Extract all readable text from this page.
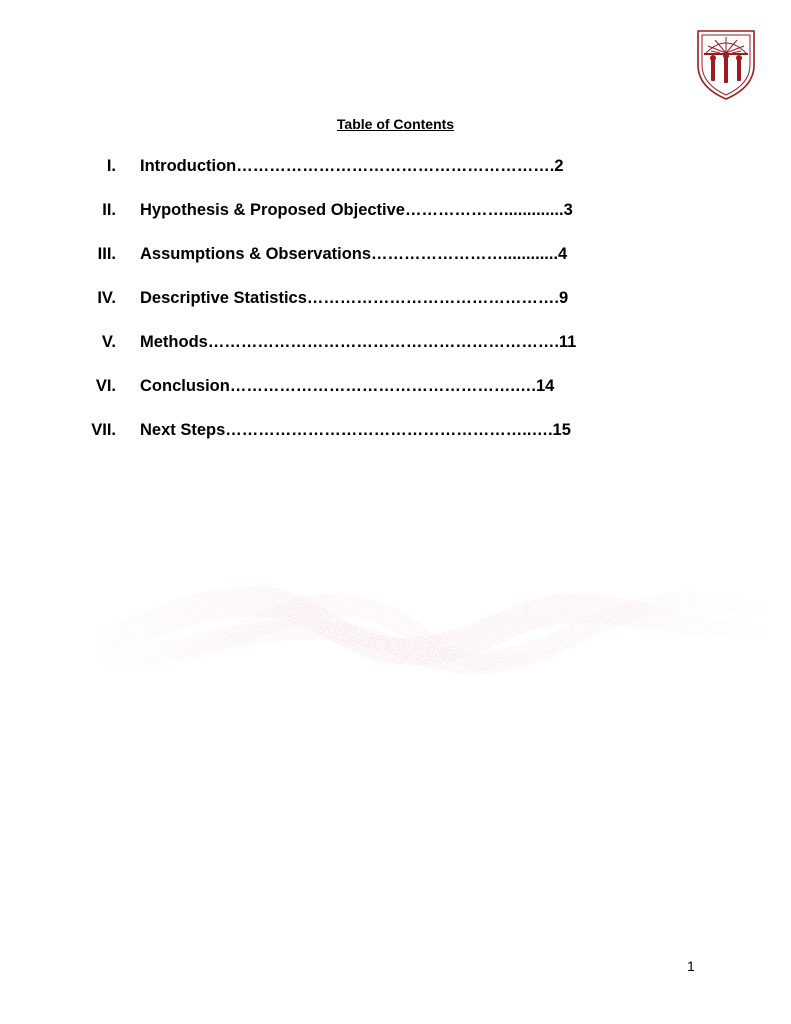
Table of Contents
I. Introduction………………………………………………….2
II. Hypothesis & Proposed Objective……………….............3
III. Assumptions & Observations……………………............4
IV. Descriptive Statistics……………………………………….9
V. Methods……………………………………………………….11
VI. Conclusion…………………………………………….….14
VII. Next Steps………………………………………………..….15
1
